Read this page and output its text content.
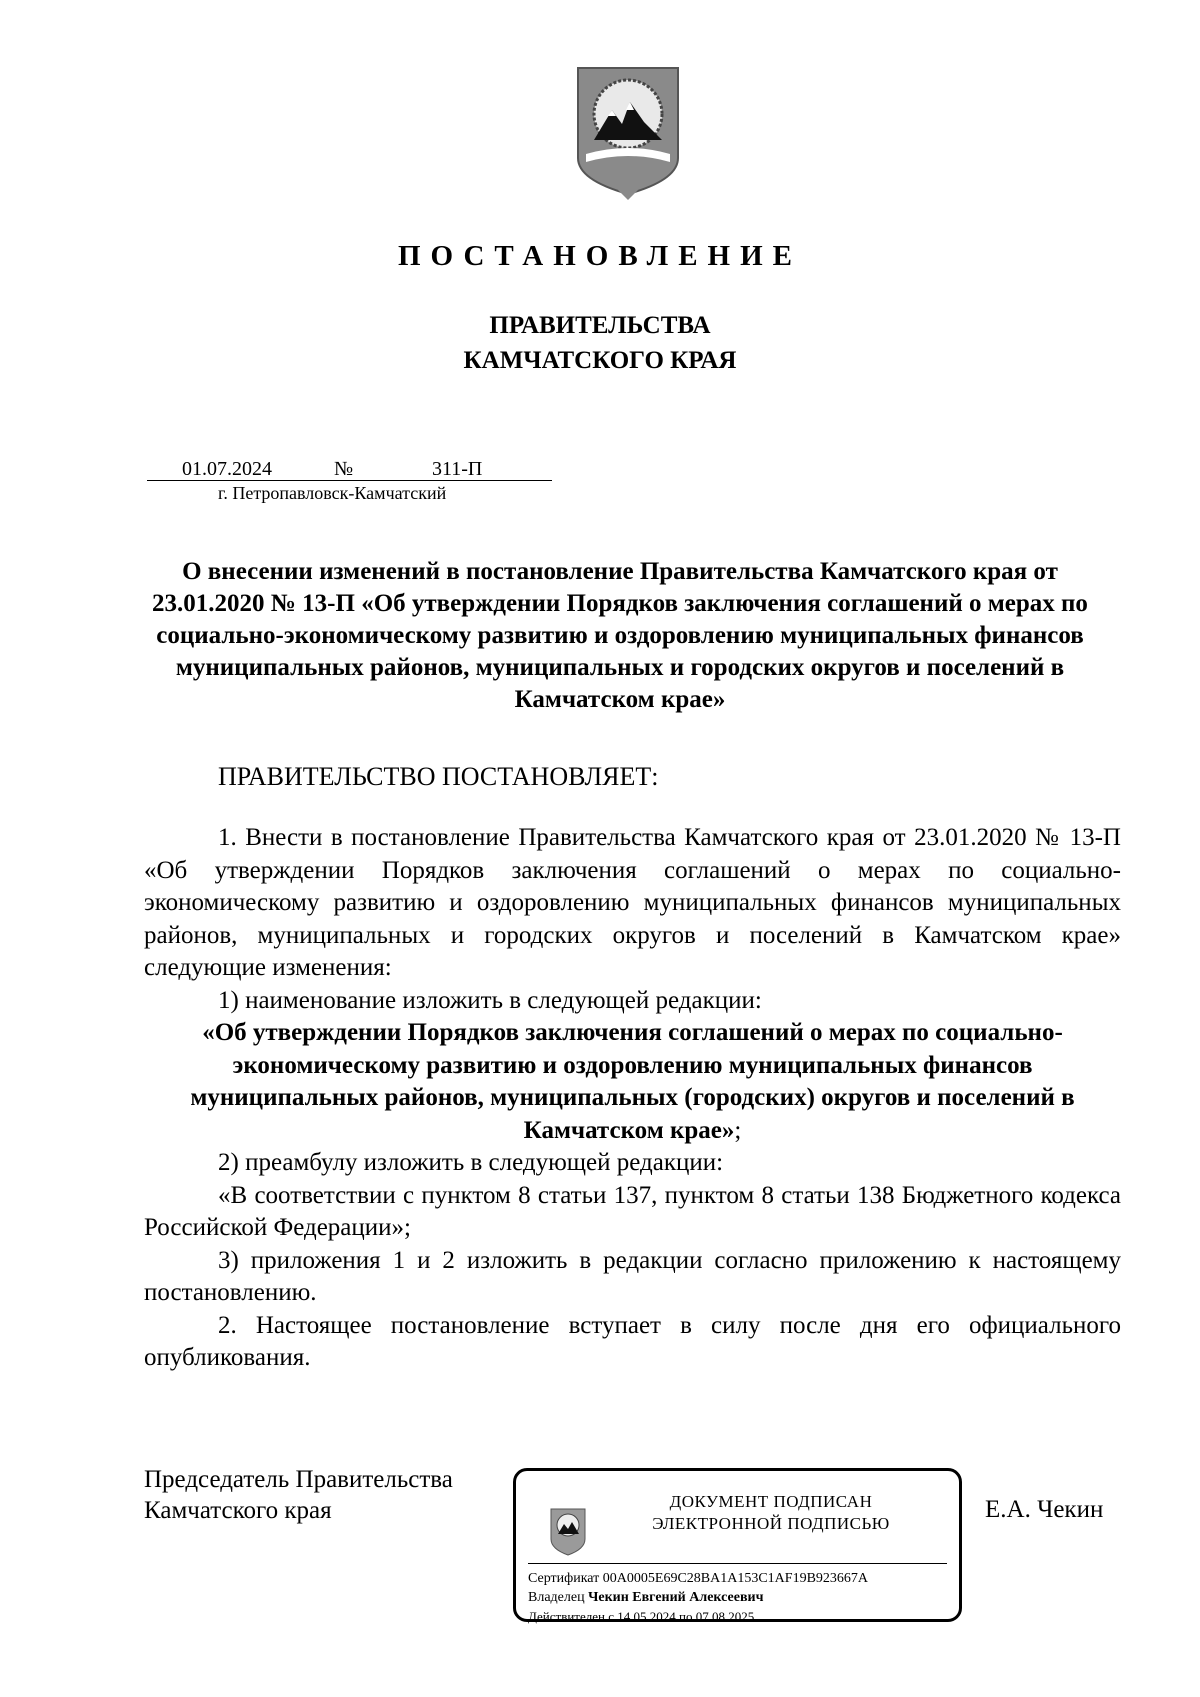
ПОСТАНОВЛЕНИЕ
ПРАВИТЕЛЬСТВА
КАМЧАТСКОГО КРАЯ
01.07.2024	№	311-П
г. Петропавловск-Камчатский
О внесении изменений в постановление Правительства Камчатского края от 23.01.2020 № 13-П «Об утверждении Порядков заключения соглашений о мерах по социально-экономическому развитию и оздоровлению муниципальных финансов муниципальных районов, муниципальных и городских округов и поселений в Камчатском крае»
ПРАВИТЕЛЬСТВО ПОСТАНОВЛЯЕТ:

1. Внести в постановление Правительства Камчатского края от 23.01.2020 № 13-П «Об утверждении Порядков заключения соглашений о мерах по социально-экономическому развитию и оздоровлению муниципальных финансов муниципальных районов, муниципальных и городских округов и поселений в Камчатском крае» следующие изменения:

1) наименование изложить в следующей редакции:

«Об утверждении Порядков заключения соглашений о мерах по социально-экономическому развитию и оздоровлению муниципальных финансов муниципальных районов, муниципальных (городских) округов и поселений в Камчатском крае»;

2) преамбулу изложить в следующей редакции:

«В соответствии с пунктом 8 статьи 137, пунктом 8 статьи 138 Бюджетного кодекса Российской Федерации»;

3) приложения 1 и 2 изложить в редакции согласно приложению к настоящему постановлению.

2. Настоящее постановление вступает в силу после дня его официального опубликования.

Председатель Правительства
Камчатского края	Е.А. Чекин
ДОКУМЕНТ ПОДПИСАН
ЭЛЕКТРОННОЙ ПОДПИСЬЮ
Сертификат 00A0005E69C28BA1A153C1AF19B923667A
Владелец Чекин Евгений Алексеевич
Действителен с 14.05.2024 по 07.08.2025
